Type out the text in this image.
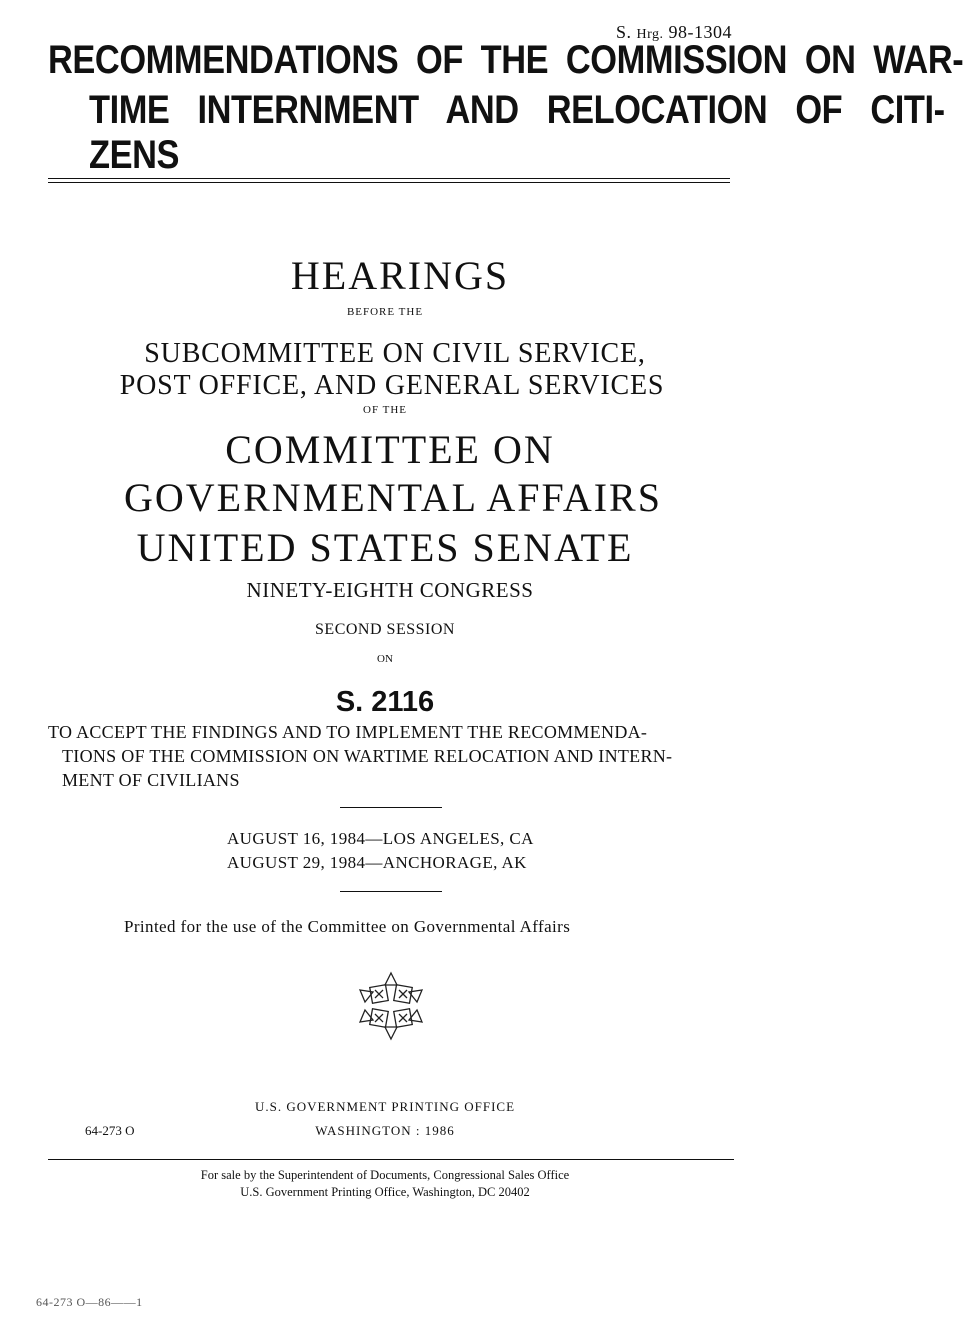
S. Hrg. 98-1304
RECOMMENDATIONS OF THE COMMISSION ON WAR-
TIME INTERNMENT AND RELOCATION OF CITI-
ZENS
HEARINGS
BEFORE THE
SUBCOMMITTEE ON CIVIL SERVICE,
POST OFFICE, AND GENERAL SERVICES
OF THE
COMMITTEE ON
GOVERNMENTAL AFFAIRS
UNITED STATES SENATE
NINETY-EIGHTH CONGRESS
SECOND SESSION
ON
S. 2116
TO ACCEPT THE FINDINGS AND TO IMPLEMENT THE RECOMMENDA-
TIONS OF THE COMMISSION ON WARTIME RELOCATION AND INTERN-
MENT OF CIVILIANS
AUGUST 16, 1984—LOS ANGELES, CA
AUGUST 29, 1984—ANCHORAGE, AK
Printed for the use of the Committee on Governmental Affairs
U.S. GOVERNMENT PRINTING OFFICE
64-273 O	WASHINGTON : 1986
For sale by the Superintendent of Documents, Congressional Sales Office
U.S. Government Printing Office, Washington, DC 20402
64-273 O—86——1
